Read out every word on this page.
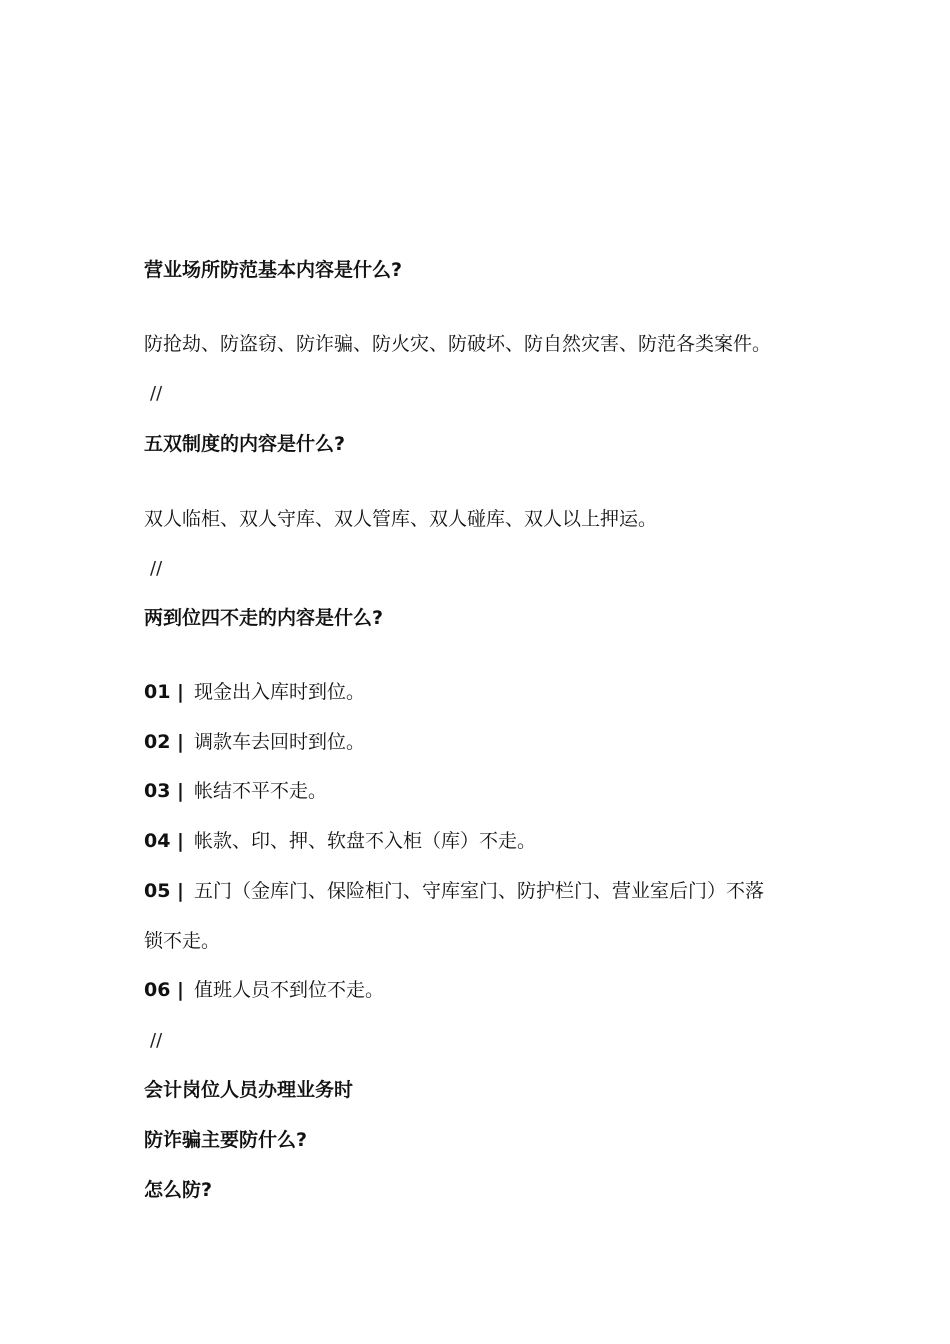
营业场所防范基本内容是什么?

防抢劫、防盗窃、防诈骗、防火灾、防破坏、防自然灾害、防范各类案件。

//

五双制度的内容是什么?

双人临柜、双人守库、双人管库、双人碰库、双人以上押运。

//

两到位四不走的内容是什么?

01 | 现金出入库时到位。

02 | 调款车去回时到位。

03 | 帐结不平不走。

04 | 帐款、印、押、软盘不入柜（库）不走。

05 | 五门（金库门、保险柜门、守库室门、防护栏门、营业室后门）不落

锁不走。

06 | 值班人员不到位不走。

//

会计岗位人员办理业务时

防诈骗主要防什么?

怎么防?
